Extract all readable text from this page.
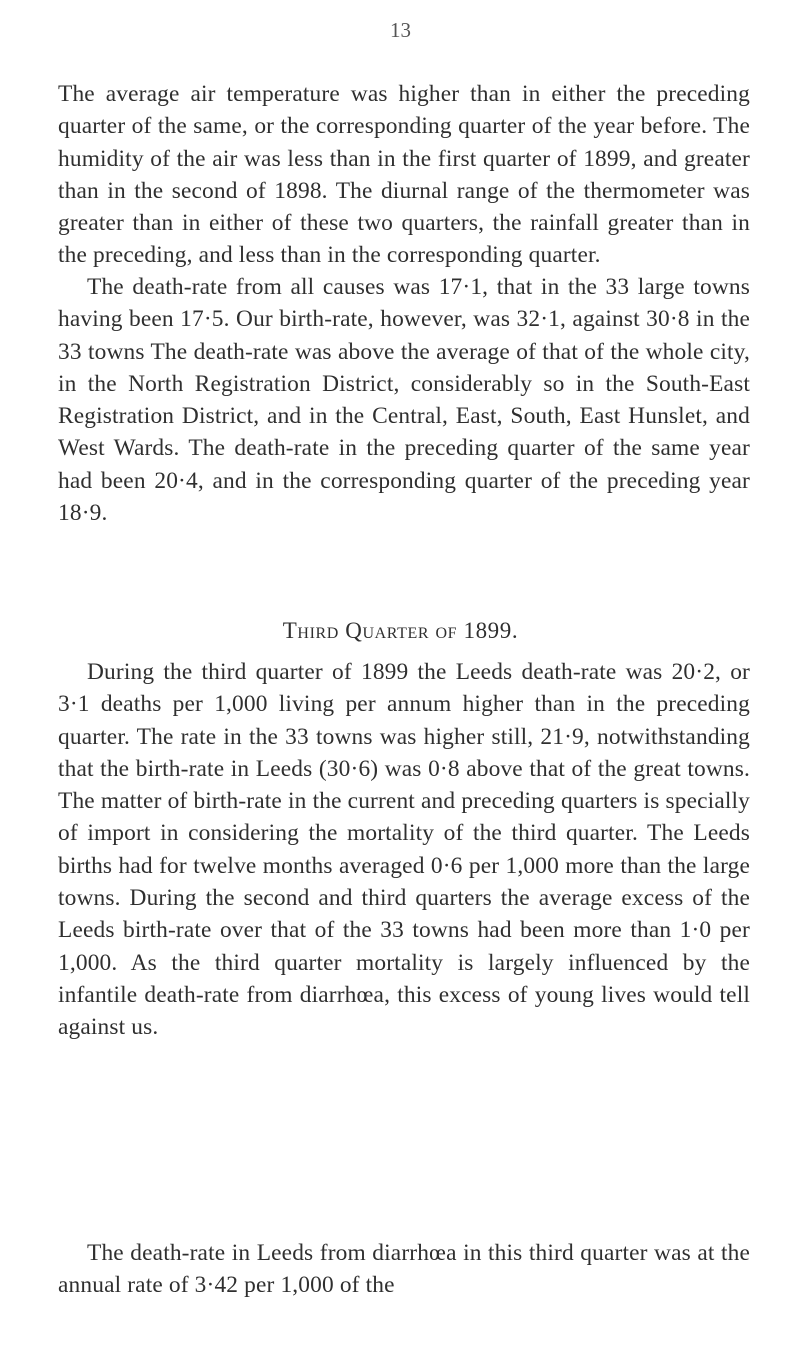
13

The average air temperature was higher than in either the preceding quarter of the same, or the corresponding quarter of the year before. The humidity of the air was less than in the first quarter of 1899, and greater than in the second of 1898. The diurnal range of the thermometer was greater than in either of these two quarters, the rainfall greater than in the preceding, and less than in the corresponding quarter.

The death-rate from all causes was 17·1, that in the 33 large towns having been 17·5. Our birth-rate, however, was 32·1, against 30·8 in the 33 towns The death-rate was above the average of that of the whole city, in the North Registration District, considerably so in the South-East Registration District, and in the Central, East, South, East Hunslet, and West Wards. The death-rate in the preceding quarter of the same year had been 20·4, and in the corresponding quarter of the preceding year 18·9.

Third Quarter of 1899.

During the third quarter of 1899 the Leeds death-rate was 20·2, or 3·1 deaths per 1,000 living per annum higher than in the preceding quarter. The rate in the 33 towns was higher still, 21·9, notwithstanding that the birth-rate in Leeds (30·6) was 0·8 above that of the great towns. The matter of birth-rate in the current and preceding quarters is specially of import in considering the mortality of the third quarter. The Leeds births had for twelve months averaged 0·6 per 1,000 more than the large towns. During the second and third quarters the average excess of the Leeds birth-rate over that of the 33 towns had been more than 1·0 per 1,000. As the third quarter mortality is largely influenced by the infantile death-rate from diarrhœa, this excess of young lives would tell against us.

The death-rate in Leeds from diarrhœa in this third quarter was at the annual rate of 3·42 per 1,000 of the
